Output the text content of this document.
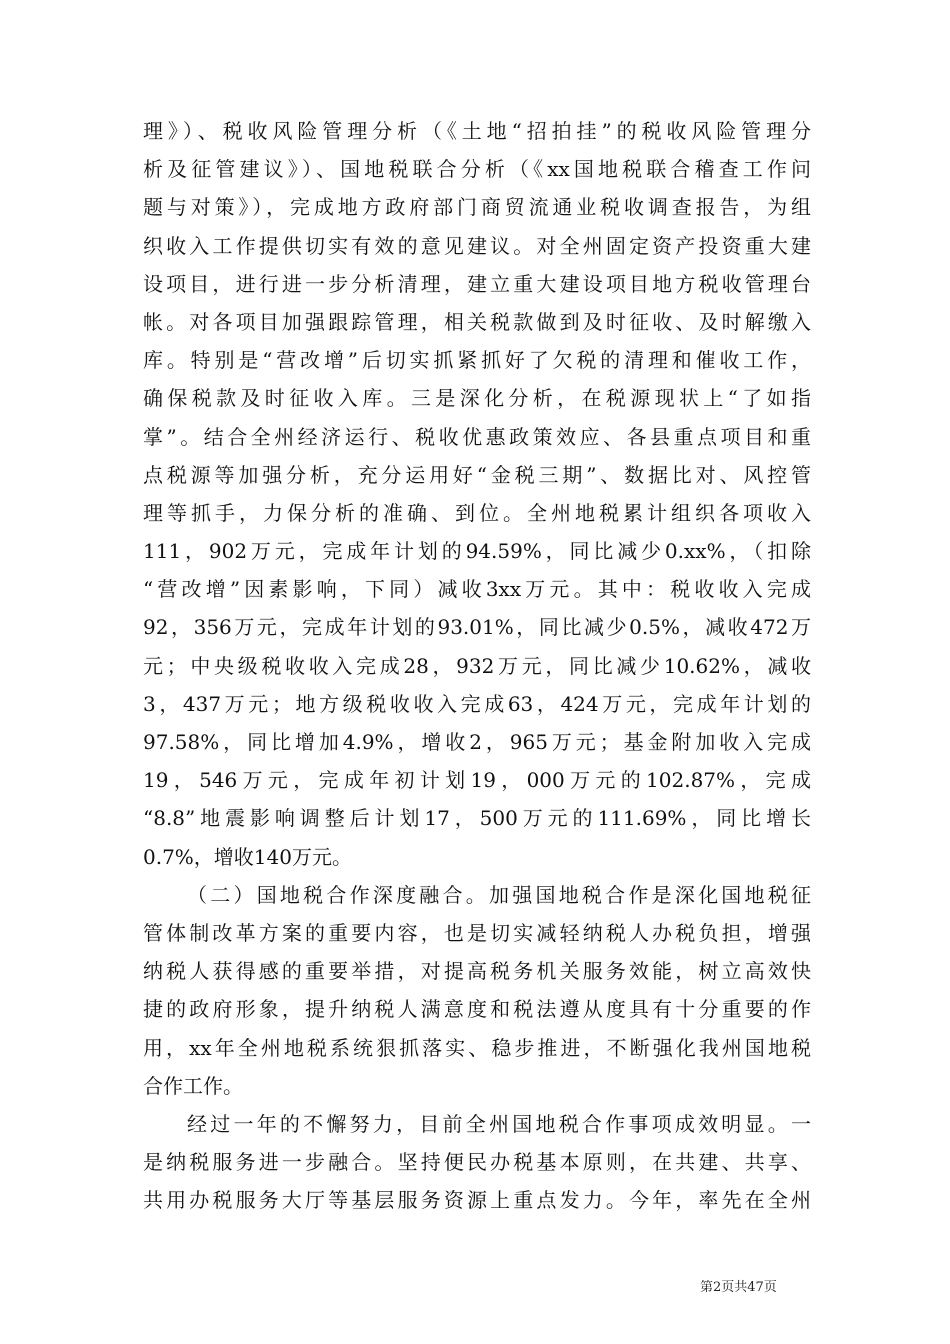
理》）、税收风险管理分析（《土地“招拍挂”的税收风险管理分
析及征管建议》）、国地税联合分析（《xx国地税联合稽查工作问
题与对策》），完成地方政府部门商贸流通业税收调查报告，为组
织收入工作提供切实有效的意见建议。对全州固定资产投资重大建
设项目，进行进一步分析清理，建立重大建设项目地方税收管理台
帐。对各项目加强跟踪管理，相关税款做到及时征收、及时解缴入
库。特别是“营改增”后切实抓紧抓好了欠税的清理和催收工作，
确保税款及时征收入库。三是深化分析，在税源现状上“了如指
掌”。结合全州经济运行、税收优惠政策效应、各县重点项目和重
点税源等加强分析，充分运用好“金税三期”、数据比对、风控管
理等抓手，力保分析的准确、到位。全州地税累计组织各项收入
111，902万元，完成年计划的94.59%，同比减少0.xx%，（扣除
“营改增”因素影响，下同）减收3xx万元。其中：税收收入完成
92，356万元，完成年计划的93.01%，同比减少0.5%，减收472万
元；中央级税收收入完成28，932万元，同比减少10.62%，减收
3，437万元；地方级税收收入完成63，424万元，完成年计划的
97.58%，同比增加4.9%，增收2，965万元；基金附加收入完成
19，546万元，完成年初计划19，000万元的102.87%，完成
“8.8”地震影响调整后计划17，500万元的111.69%，同比增长
0.7%，增收140万元。
（二）国地税合作深度融合。加强国地税合作是深化国地税征
管体制改革方案的重要内容，也是切实减轻纳税人办税负担，增强
纳税人获得感的重要举措，对提高税务机关服务效能，树立高效快
捷的政府形象，提升纳税人满意度和税法遵从度具有十分重要的作
用，xx年全州地税系统狠抓落实、稳步推进，不断强化我州国地税
合作工作。
经过一年的不懈努力，目前全州国地税合作事项成效明显。一
是纳税服务进一步融合。坚持便民办税基本原则，在共建、共享、
共用办税服务大厅等基层服务资源上重点发力。今年，率先在全州
第2页共47页
